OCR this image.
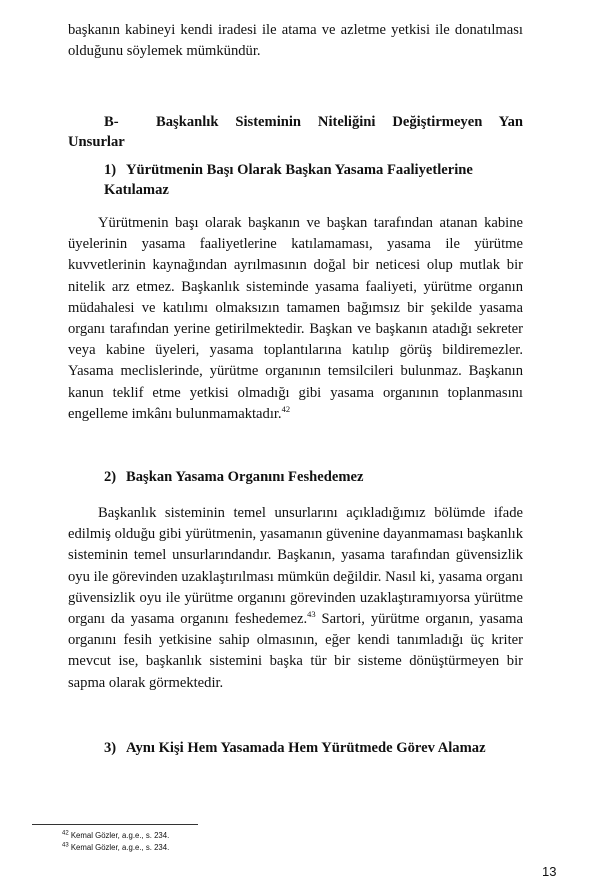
başkanın kabineyi kendi iradesi ile atama ve azletme yetkisi ile donatılması olduğunu söylemek mümkündür.

B-	Başkanlık Sisteminin Niteliğini Değiştirmeyen Yan Unsurlar
1) Yürütmenin Başı Olarak Başkan Yasama Faaliyetlerine Katılamaz

Yürütmenin başı olarak başkanın ve başkan tarafından atanan kabine üyelerinin yasama faaliyetlerine katılamaması, yasama ile yürütme kuvvetlerinin kaynağından ayrılmasının doğal bir neticesi olup mutlak bir nitelik arz etmez. Başkanlık sisteminde yasama faaliyeti, yürütme organın müdahalesi ve katılımı olmaksızın tamamen bağımsız bir şekilde yasama organı tarafından yerine getirilmektedir. Başkan ve başkanın atadığı sekreter veya kabine üyeleri, yasama toplantılarına katılıp görüş bildiremezler. Yasama meclislerinde, yürütme organının temsilcileri bulunmaz. Başkanın kanun teklif etme yetkisi olmadığı gibi yasama organının toplanmasını engelleme imkânı bulunmamaktadır.$^{42}$

2) Başkan Yasama Organını Feshedemez

Başkanlık sisteminin temel unsurlarını açıkladığımız bölümde ifade edilmiş olduğu gibi yürütmenin, yasamanın güvenine dayanmaması başkanlık sisteminin temel unsurlarındandır. Başkanın, yasama tarafından güvensizlik oyu ile görevinden uzaklaştırılması mümkün değildir. Nasıl ki, yasama organı güvensizlik oyu ile yürütme organını görevinden uzaklaştıramıyorsa yürütme organı da yasama organını feshedemez.$^{43}$ Sartori, yürütme organın, yasama organını fesih yetkisine sahip olmasının, eğer kendi tanımladığı üç kriter mevcut ise, başkanlık sistemini başka tür bir sisteme dönüştürmeyen bir sapma olarak görmektedir.

3) Aynı Kişi Hem Yasamada Hem Yürütmede Görev Alamaz
$^{42}$ Kemal Gözler, a.g.e., s. 234.
$^{43}$ Kemal Gözler, a.g.e., s. 234.
13
